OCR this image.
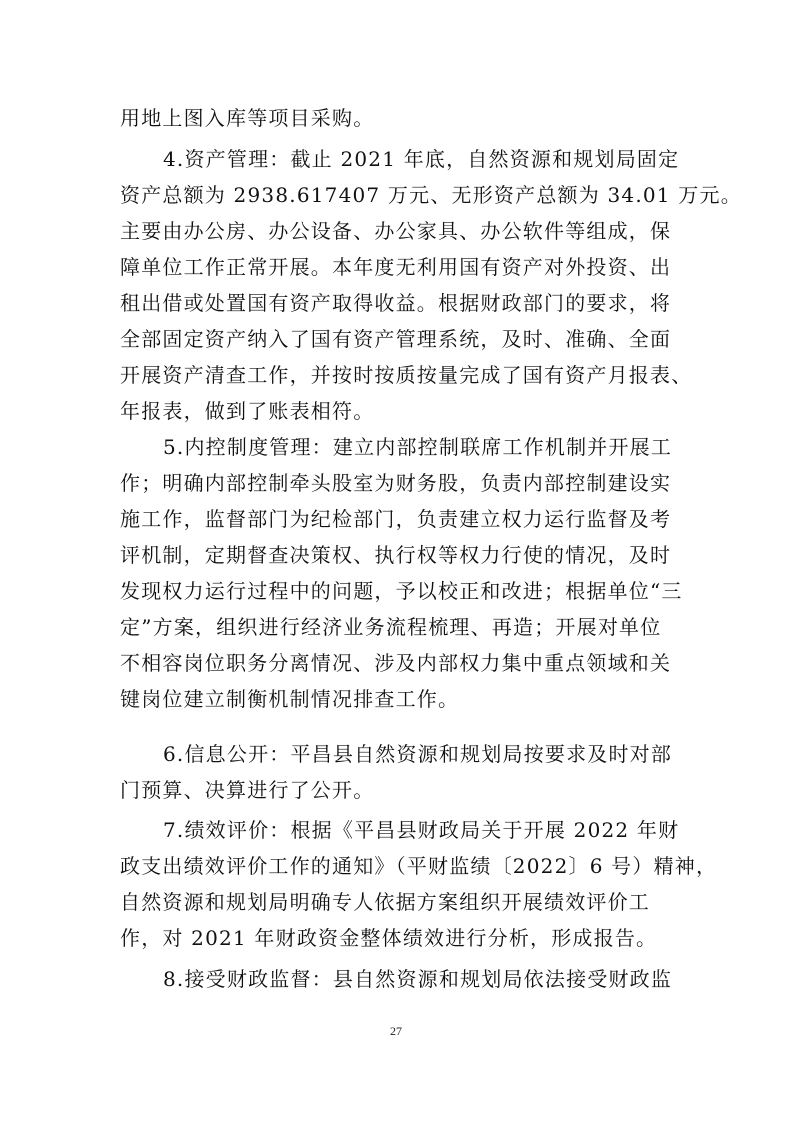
用地上图入库等项目采购。
4.资产管理：截止 2021 年底，自然资源和规划局固定
资产总额为 2938.617407 万元、无形资产总额为 34.01 万元。
主要由办公房、办公设备、办公家具、办公软件等组成，保
障单位工作正常开展。本年度无利用国有资产对外投资、出
租出借或处置国有资产取得收益。根据财政部门的要求，将
全部固定资产纳入了国有资产管理系统，及时、准确、全面
开展资产清查工作，并按时按质按量完成了国有资产月报表、
年报表，做到了账表相符。
5.内控制度管理：建立内部控制联席工作机制并开展工
作；明确内部控制牵头股室为财务股，负责内部控制建设实
施工作，监督部门为纪检部门，负责建立权力运行监督及考
评机制，定期督查决策权、执行权等权力行使的情况，及时
发现权力运行过程中的问题，予以校正和改进；根据单位“三
定”方案，组织进行经济业务流程梳理、再造；开展对单位
不相容岗位职务分离情况、涉及内部权力集中重点领域和关
键岗位建立制衡机制情况排查工作。
6.信息公开：平昌县自然资源和规划局按要求及时对部
门预算、决算进行了公开。
7.绩效评价：根据《平昌县财政局关于开展 2022 年财
政支出绩效评价工作的通知》（平财监绩〔2022〕6 号）精神，
自然资源和规划局明确专人依据方案组织开展绩效评价工
作，对 2021 年财政资金整体绩效进行分析，形成报告。
8.接受财政监督：县自然资源和规划局依法接受财政监
27
